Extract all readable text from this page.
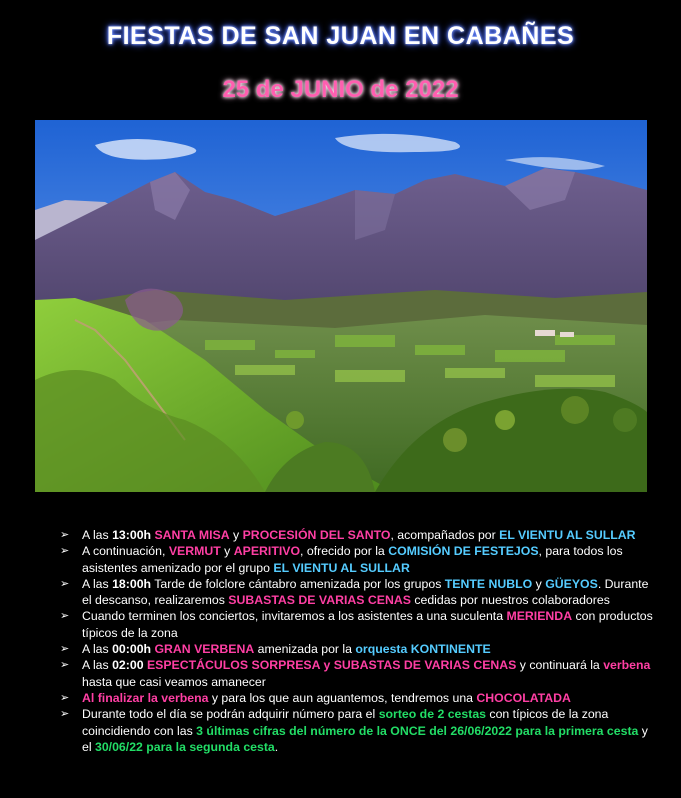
FIESTAS DE SAN JUAN EN CABAÑES
25 de JUNIO de 2022
➢ A las 13:00h SANTA MISA y PROCESIÓN DEL SANTO, acompañados por EL VIENTU AL SULLAR
➢ A continuación, VERMUT y APERITIVO, ofrecido por la COMISIÓN DE FESTEJOS, para todos los asistentes amenizado por el grupo EL VIENTU AL SULLAR
➢ A las 18:00h Tarde de folclore cántabro amenizada por los grupos TENTE NUBLO y GÜEYOS. Durante el descanso, realizaremos SUBASTAS DE VARIAS CENAS cedidas por nuestros colaboradores
➢ Cuando terminen los conciertos, invitaremos a los asistentes a una suculenta MERIENDA con productos típicos de la zona
➢ A las 00:00h GRAN VERBENA amenizada por la orquesta KONTINENTE
➢ A las 02:00 ESPECTÁCULOS SORPRESA y SUBASTAS DE VARIAS CENAS y continuará la verbena hasta que casi veamos amanecer
➢ Al finalizar la verbena y para los que aun aguantemos, tendremos una CHOCOLATADA
➢ Durante todo el día se podrán adquirir número para el sorteo de 2 cestas con típicos de la zona coincidiendo con las 3 últimas cifras del número de la ONCE del 26/06/2022 para la primera cesta y el 30/06/22 para la segunda cesta.
